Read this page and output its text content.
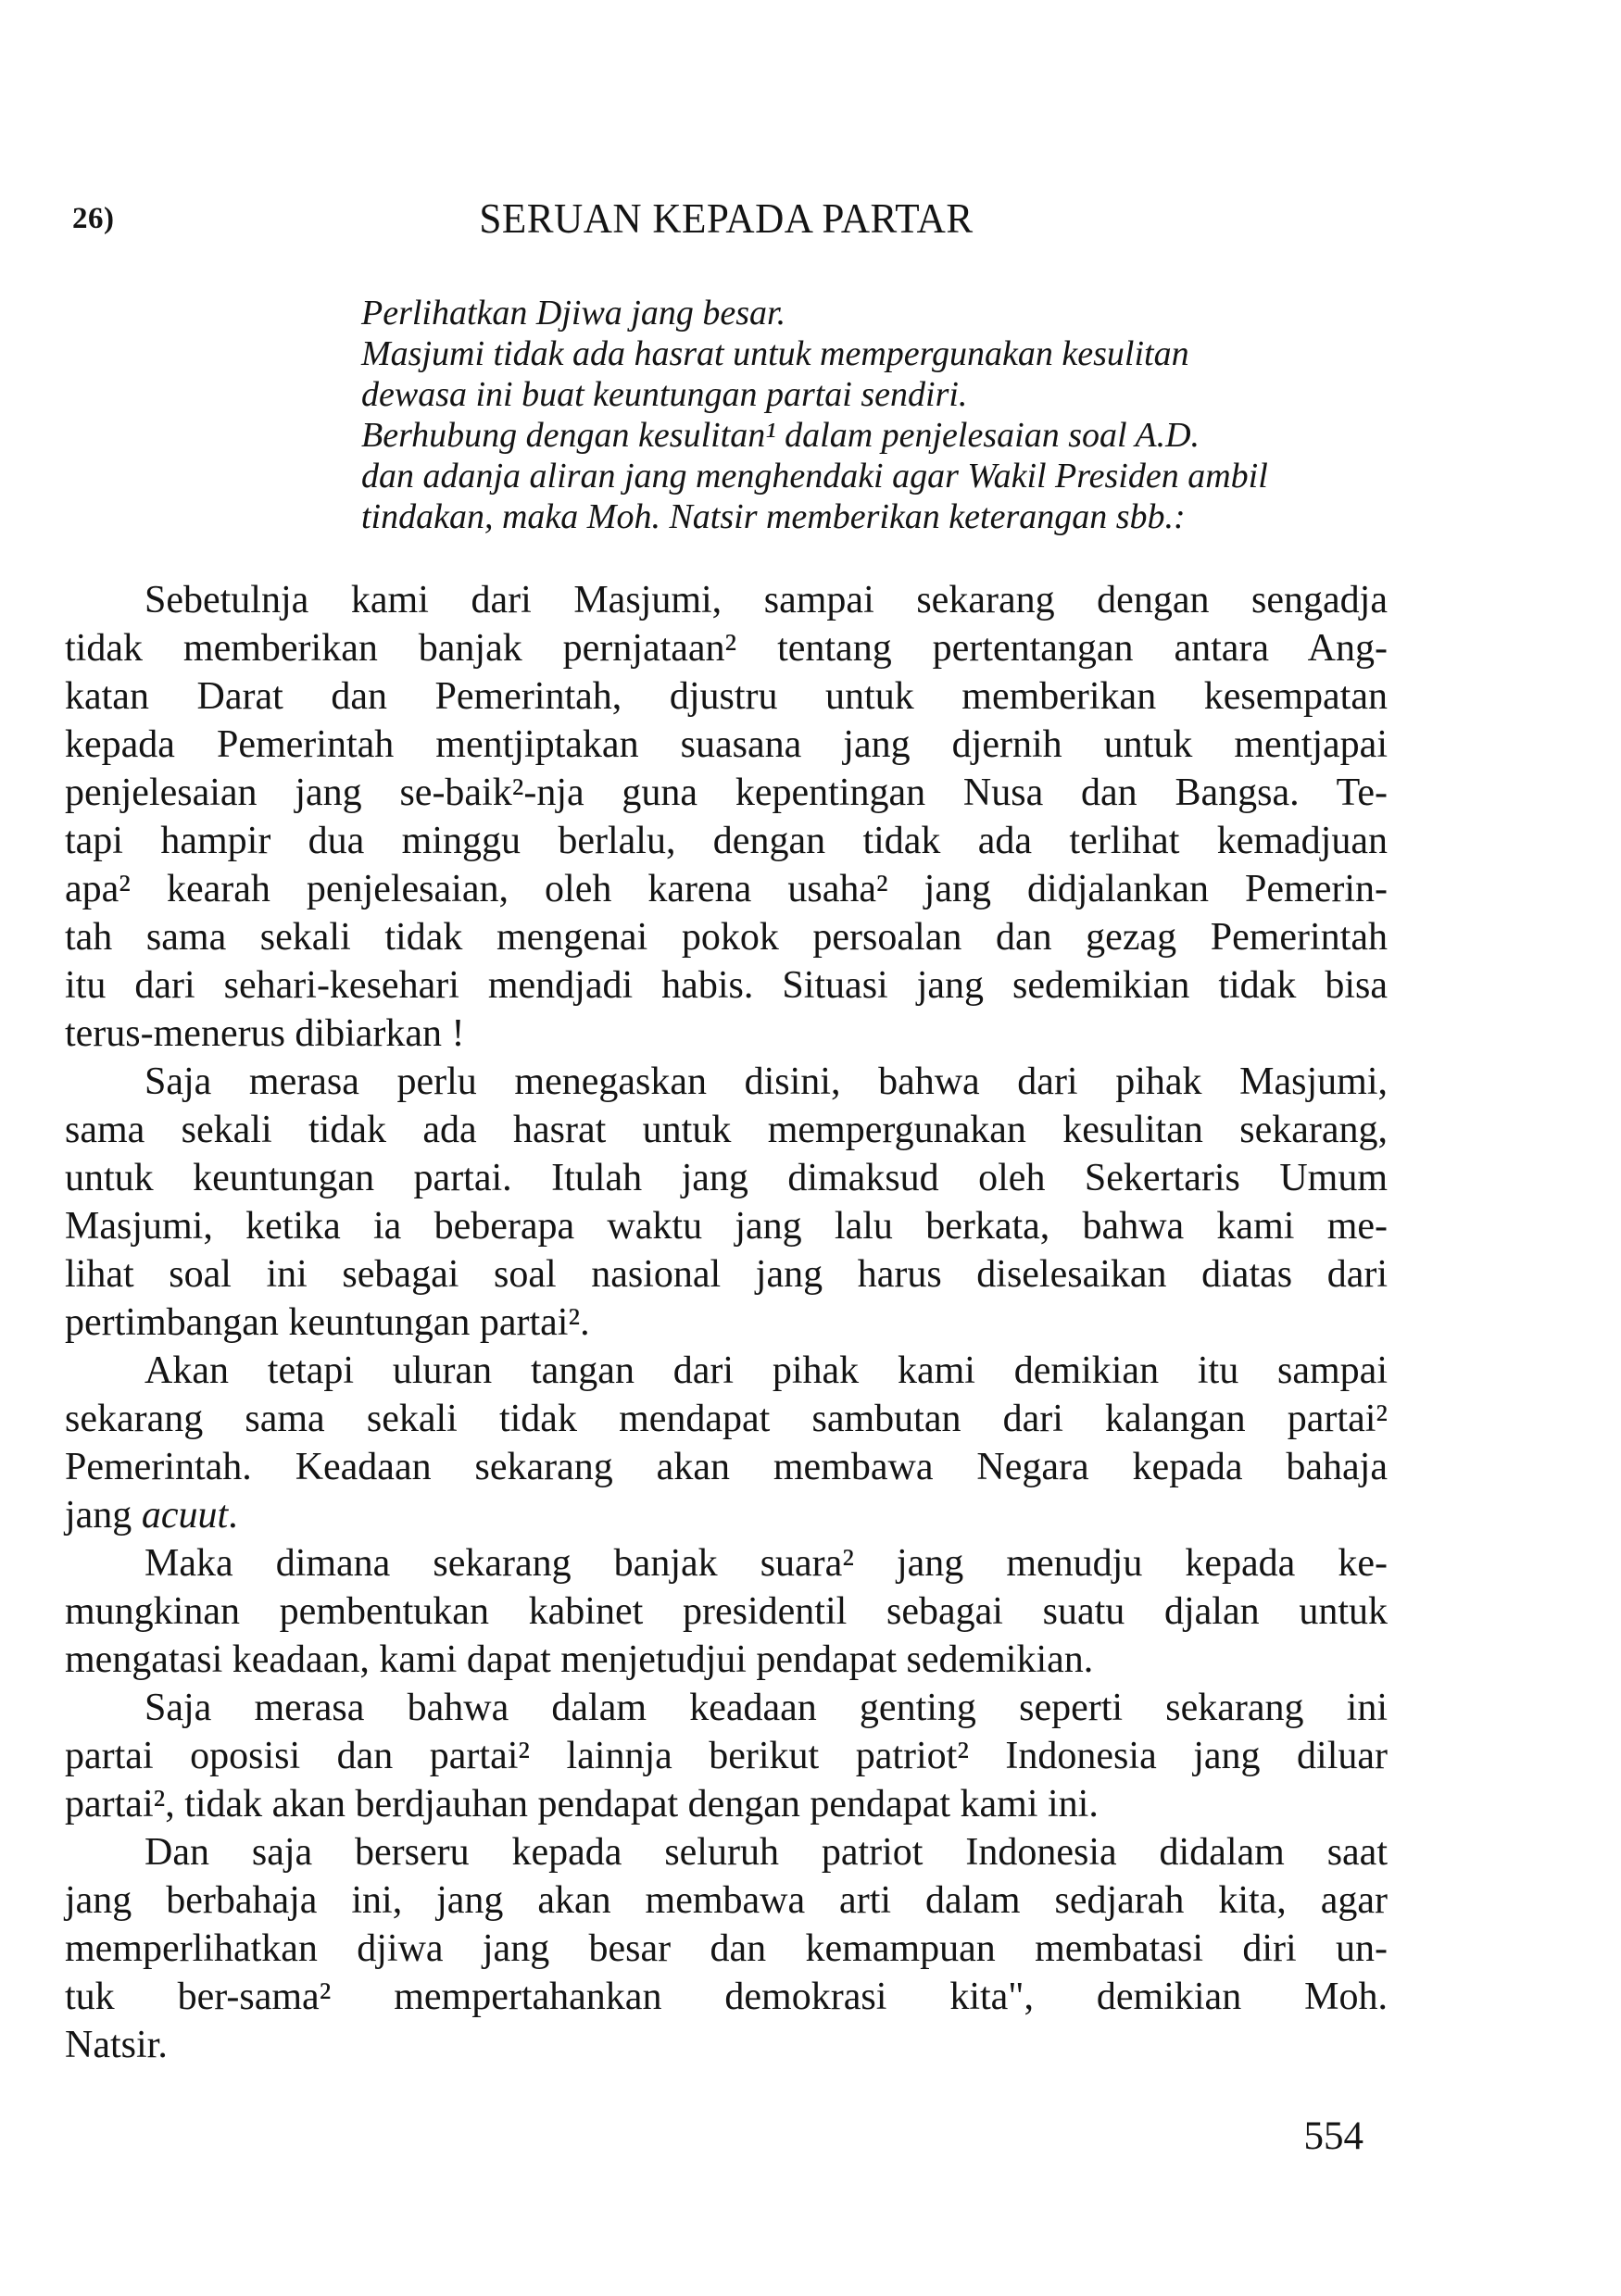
26)	SERUAN KEPADA PARTAR
Perlihatkan Djiwa jang besar.
Masjumi tidak ada hasrat untuk mempergunakan kesulitan
dewasa ini buat keuntungan partai sendiri.
Berhubung dengan kesulitan¹ dalam penjelesaian soal A.D.
dan adanja aliran jang menghendaki agar Wakil Presiden ambil
tindakan, maka Moh. Natsir memberikan keterangan sbb.:
Sebetulnja kami dari Masjumi, sampai sekarang dengan sengadja
tidak memberikan banjak pernjataan² tentang pertentangan antara Ang-
katan Darat dan Pemerintah, djustru untuk memberikan kesempatan
kepada Pemerintah mentjiptakan suasana jang djernih untuk mentjapai
penjelesaian jang se-baik²-nja guna kepentingan Nusa dan Bangsa. Te-
tapi hampir dua minggu berlalu, dengan tidak ada terlihat kemadjuan
apa² kearah penjelesaian, oleh karena usaha² jang didjalankan Pemerin-
tah sama sekali tidak mengenai pokok persoalan dan gezag Pemerintah
itu dari sehari-kesehari mendjadi habis. Situasi jang sedemikian tidak bisa
terus-menerus dibiarkan !
Saja merasa perlu menegaskan disini, bahwa dari pihak Masjumi,
sama sekali tidak ada hasrat untuk mempergunakan kesulitan sekarang,
untuk keuntungan partai. Itulah jang dimaksud oleh Sekertaris Umum
Masjumi, ketika ia beberapa waktu jang lalu berkata, bahwa kami me-
lihat soal ini sebagai soal nasional jang harus diselesaikan diatas dari
pertimbangan keuntungan partai².
Akan tetapi uluran tangan dari pihak kami demikian itu sampai
sekarang sama sekali tidak mendapat sambutan dari kalangan partai²
Pemerintah. Keadaan sekarang akan membawa Negara kepada bahaja
jang acuut.
Maka dimana sekarang banjak suara² jang menudju kepada ke-
mungkinan pembentukan kabinet presidentil sebagai suatu djalan untuk
mengatasi keadaan, kami dapat menjetudjui pendapat sedemikian.
Saja merasa bahwa dalam keadaan genting seperti sekarang ini
partai oposisi dan partai² lainnja berikut patriot² Indonesia jang diluar
partai², tidak akan berdjauhan pendapat dengan pendapat kami ini.
Dan saja berseru kepada seluruh patriot Indonesia didalam saat
jang berbahaja ini, jang akan membawa arti dalam sedjarah kita, agar
memperlihatkan djiwa jang besar dan kemampuan membatasi diri un-
tuk ber-sama² mempertahankan demokrasi kita", demikian Moh.
Natsir.
554
